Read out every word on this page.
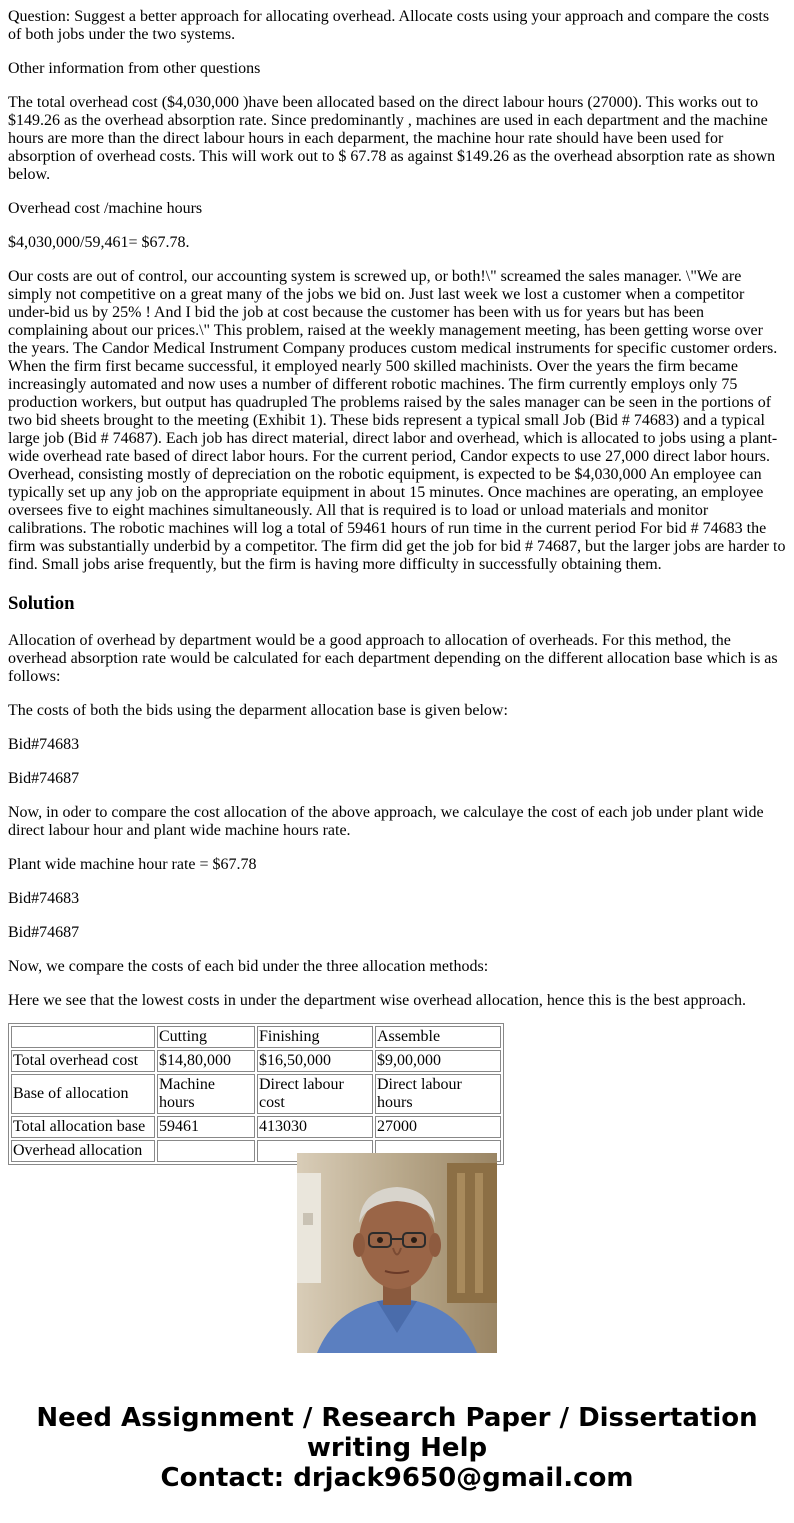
Question: Suggest a better approach for allocating overhead. Allocate costs using your approach and compare the costs of both jobs under the two systems.

Other information from other questions

The total overhead cost ($4,030,000 )have been allocated based on the direct labour hours (27000). This works out to $149.26 as the overhead absorption rate. Since predominantly , machines are used in each department and the machine hours are more than the direct labour hours in each deparment, the machine hour rate should have been used for absorption of overhead costs. This will work out to $ 67.78 as against $149.26 as the overhead absorption rate as shown below.

Overhead cost /machine hours

$4,030,000/59,461= $67.78.

Our costs are out of control, our accounting system is screwed up, or both!\" screamed the sales manager. \"We are simply not competitive on a great many of the jobs we bid on. Just last week we lost a customer when a competitor under-bid us by 25% ! And I bid the job at cost because the customer has been with us for years but has been complaining about our prices.\" This problem, raised at the weekly management meeting, has been getting worse over the years. The Candor Medical Instrument Company produces custom medical instruments for specific customer orders. When the firm first became successful, it employed nearly 500 skilled machinists. Over the years the firm became increasingly automated and now uses a number of different robotic machines. The firm currently employs only 75 production workers, but output has quadrupled The problems raised by the sales manager can be seen in the portions of two bid sheets brought to the meeting (Exhibit 1). These bids represent a typical small Job (Bid # 74683) and a typical large job (Bid # 74687). Each job has direct material, direct labor and overhead, which is allocated to jobs using a plant-wide overhead rate based of direct labor hours. For the current period, Candor expects to use 27,000 direct labor hours. Overhead, consisting mostly of depreciation on the robotic equipment, is expected to be $4,030,000 An employee can typically set up any job on the appropriate equipment in about 15 minutes. Once machines are operating, an employee oversees five to eight machines simultaneously. All that is required is to load or unload materials and monitor calibrations. The robotic machines will log a total of 59461 hours of run time in the current period For bid # 74683 the firm was substantially underbid by a competitor. The firm did get the job for bid # 74687, but the larger jobs are harder to find. Small jobs arise frequently, but the firm is having more difficulty in successfully obtaining them.

Solution

Allocation of overhead by department would be a good approach to allocation of overheads. For this method, the overhead absorption rate would be calculated for each department depending on the different allocation base which is as follows:

The costs of both the bids using the deparment allocation base is given below:

Bid#74683

Bid#74687

Now, in oder to compare the cost allocation of the above approach, we calculaye the cost of each job under plant wide direct labour hour and plant wide machine hours rate.

Plant wide machine hour rate = $67.78

Bid#74683

Bid#74687

Now, we compare the costs of each bid under the three allocation methods:

Here we see that the lowest costs in under the department wise overhead allocation, hence this is the best approach.

	Cutting	Finishing	Assemble
Total overhead cost	$14,80,000	$16,50,000	$9,00,000
Base of allocation	Machine hours	Direct labour cost	Direct labour hours
Total allocation base	59461	413030	27000
Overhead allocation			
Need Assignment / Research Paper / Dissertation
writing Help
Contact: drjack9650@gmail.com
